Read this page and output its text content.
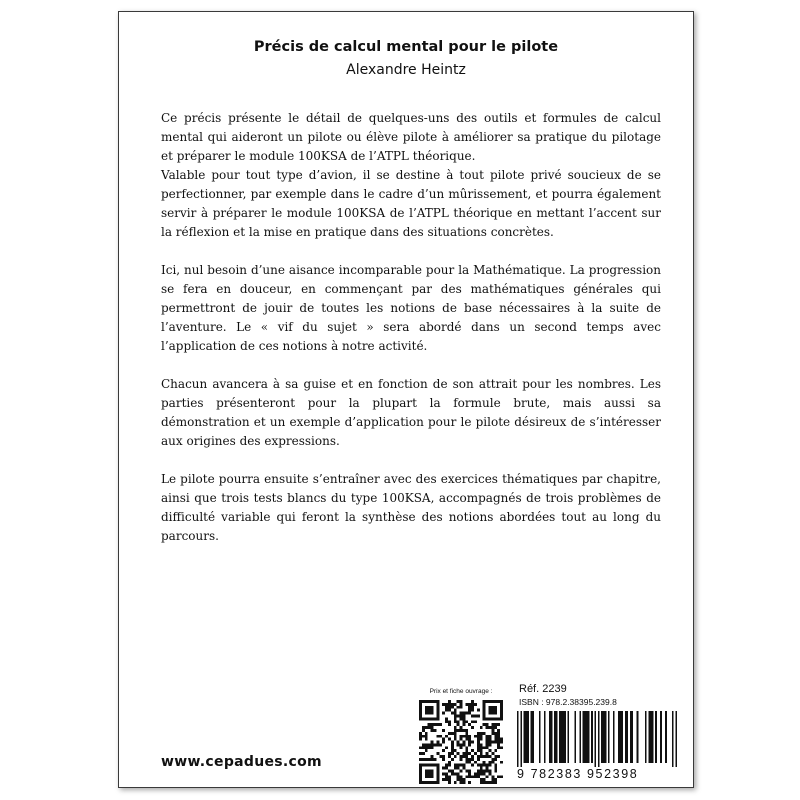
Précis de calcul mental pour le pilote
Alexandre Heintz

Ce précis présente le détail de quelques-uns des outils et formules de calcul mental qui aideront un pilote ou élève pilote à améliorer sa pratique du pilotage et préparer le module 100KSA de l’ATPL théorique.

Valable pour tout type d’avion, il se destine à tout pilote privé soucieux de se perfectionner, par exemple dans le cadre d’un mûrissement, et pourra également servir à préparer le module 100KSA de l’ATPL théorique en mettant l’accent sur la réflexion et la mise en pratique dans des situations concrètes.

Ici, nul besoin d’une aisance incomparable pour la Mathématique. La progression se fera en douceur, en commençant par des mathématiques générales qui permettront de jouir de toutes les notions de base nécessaires à la suite de l’aventure. Le « vif du sujet » sera abordé dans un second temps avec l’application de ces notions à notre activité.

Chacun avancera à sa guise et en fonction de son attrait pour les nombres. Les parties présenteront pour la plupart la formule brute, mais aussi sa démonstration et un exemple d’application pour le pilote désireux de s’intéresser aux origines des expressions.

Le pilote pourra ensuite s’entraîner avec des exercices thématiques par chapitre, ainsi que trois tests blancs du type 100KSA, accompagnés de trois problèmes de difficulté variable qui feront la synthèse des notions abordées tout au long du parcours.

www.cepadues.com
Prix et fiche ouvrage :	Réf. 2239
ISBN : 978.2.38395.239.8
9 782383 952398
